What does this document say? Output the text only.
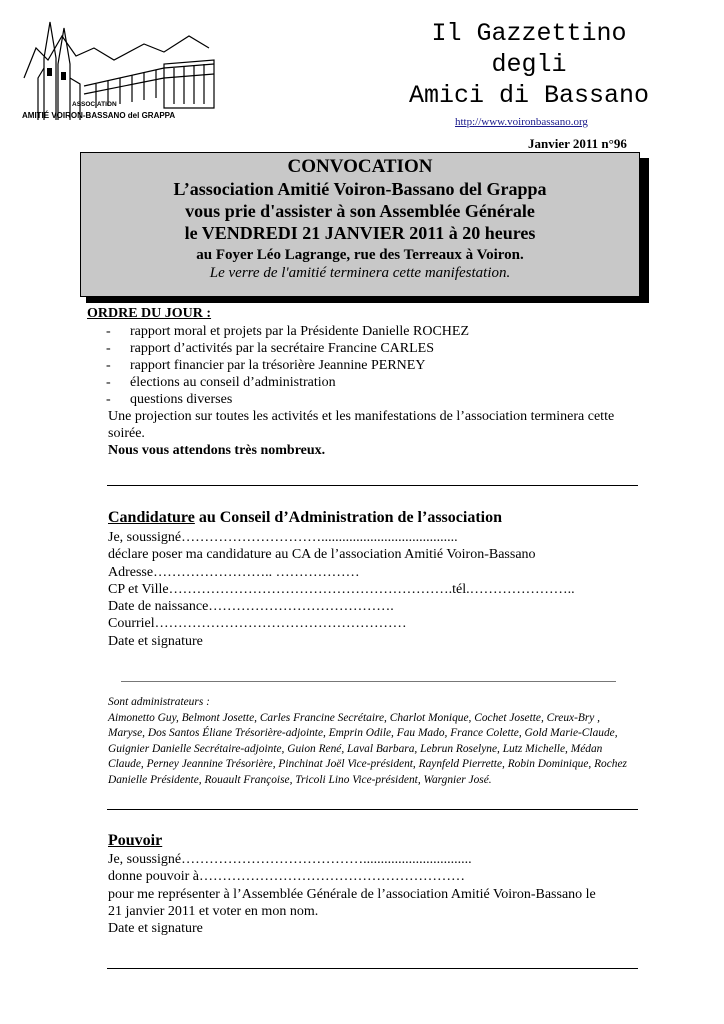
ASSOCIATION
AMITIÉ VOIRON-BASSANO del GRAPPA
Il Gazzettino
degli
Amici di Bassano
http://www.voironbassano.org
Janvier 2011 n°96
CONVOCATION
L’association Amitié Voiron-Bassano del Grappa
vous prie d'assister à son Assemblée Générale
le VENDREDI 21 JANVIER 2011 à 20 heures
au Foyer Léo Lagrange, rue des Terreaux à Voiron.
Le verre de l'amitié terminera cette manifestation.
ORDRE DU JOUR :
- rapport moral et projets par la Présidente Danielle ROCHEZ
- rapport d’activités par la secrétaire Francine CARLES
- rapport financier par la trésorière Jeannine PERNEY
- élections au conseil d’administration
- questions diverses
Une projection sur toutes les activités et les manifestations de l’association terminera cette soirée.
Nous vous attendons très nombreux.
Candidature au Conseil d’Administration de l’association
Je, soussigné………………………….......................................
déclare poser ma candidature au CA de l’association Amitié Voiron-Bassano
Adresse…………………….. ………………
CP et Ville…………………………………………………….tél.…………………..
Date de naissance………………………………….
Courriel………………………………………………
Date et signature
Sont administrateurs :
Aimonetto Guy, Belmont Josette, Carles Francine Secrétaire, Charlot Monique, Cochet Josette, Creux-Bry , Maryse, Dos Santos Éliane Trésorière-adjointe, Emprin Odile, Fau Mado, France Colette, Gold Marie-Claude, Guignier Danielle Secrétaire-adjointe, Guion René, Laval Barbara, Lebrun Roselyne, Lutz Michelle, Médan Claude, Perney Jeannine Trésorière, Pinchinat Joël Vice-président, Raynfeld Pierrette, Robin Dominique, Rochez Danielle Présidente, Rouault Françoise, Tricoli Lino Vice-président, Wargnier José.
Pouvoir
Je, soussigné…………………………………...............................
donne pouvoir à…………………………………………………
pour me représenter à l’Assemblée Générale de l’association Amitié Voiron-Bassano le
21 janvier 2011 et voter en mon nom.
Date et signature
